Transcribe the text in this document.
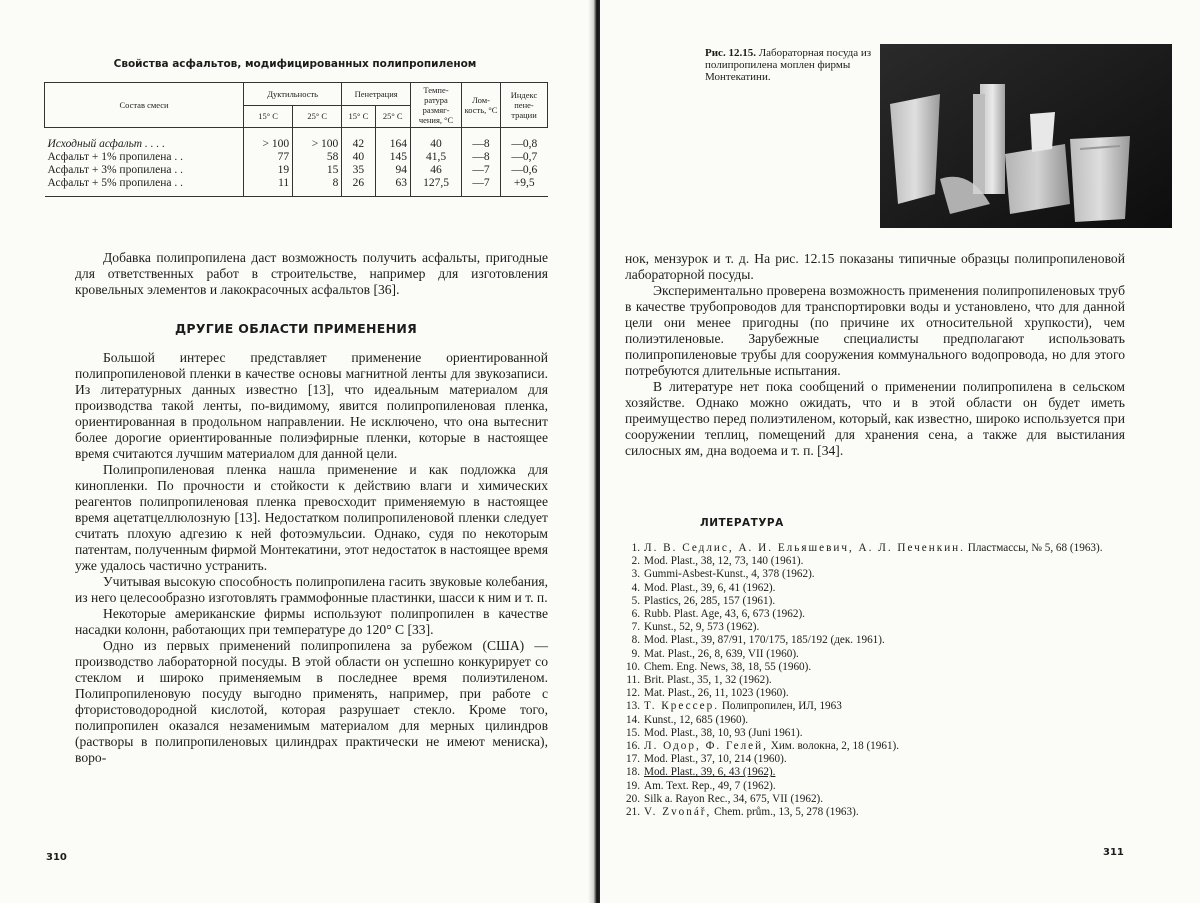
Свойства асфальтов, модифицированных полипропиленом
Состав смеси	Дуктильность		Пенетрация		Темпе-ратура размяг-чения, °C	Лом-кость, °C	Индекс пене-трации
	15° C	25° C	15° C	25° C			
Исходный асфальт . . . .	> 100	> 100	42	164	40	—8	—0,8
Асфальт + 1% пропилена . .	77	58	40	145	41,5	—8	—0,7
Асфальт + 3% пропилена . .	19	15	35	94	46	—7	—0,6
Асфальт + 5% пропилена . .	11	8	26	63	127,5	—7	+9,5

Добавка полипропилена даст возможность получить асфальты, пригодные для ответственных работ в строительстве, например для изготовления кровельных элементов и лакокрасочных асфальтов [36].

ДРУГИЕ ОБЛАСТИ ПРИМЕНЕНИЯ

Большой интерес представляет применение ориентированной полипропиленовой пленки в качестве основы магнитной ленты для звукозаписи. Из литературных данных известно [13], что идеальным материалом для производства такой ленты, по-видимому, явится полипропиленовая пленка, ориентированная в продольном направлении. Не исключено, что она вытеснит более дорогие ориентированные полиэфирные пленки, которые в настоящее время считаются лучшим материалом для данной цели.

Полипропиленовая пленка нашла применение и как подложка для кинопленки. По прочности и стойкости к действию влаги и химических реагентов полипропиленовая пленка превосходит применяемую в настоящее время ацетатцеллюлозную [13]. Недостатком полипропиленовой пленки следует считать плохую адгезию к ней фотоэмульсии. Однако, судя по некоторым патентам, полученным фирмой Монтекатини, этот недостаток в настоящее время уже удалось частично устранить.

Учитывая высокую способность полипропилена гасить звуковые колебания, из него целесообразно изготовлять граммофонные пластинки, шасси к ним и т. п.

Некоторые американские фирмы используют полипропилен в качестве насадки колонн, работающих при температуре до 120° C [33].

Одно из первых применений полипропилена за рубежом (США) — производство лабораторной посуды. В этой области он успешно конкурирует со стеклом и широко применяемым в последнее время полиэтиленом. Полипропиленовую посуду выгодно применять, например, при работе с фтористоводородной кислотой, которая разрушает стекло. Кроме того, полипропилен оказался незаменимым материалом для мерных цилиндров (растворы в полипропиленовых цилиндрах практически не имеют мениска), воро-

310
Рис. 12.15. Лабораторная посуда из полипропилена моплен фирмы Монтекатини.

нок, мензурок и т. д. На рис. 12.15 показаны типичные образцы полипропиленовой лабораторной посуды.

Экспериментально проверена возможность применения полипропиленовых труб в качестве трубопроводов для транспортировки воды и установлено, что для данной цели они менее пригодны (по причине их относительной хрупкости), чем полиэтиленовые. Зарубежные специалисты предполагают использовать полипропиленовые трубы для сооружения коммунального водопровода, но для этого потребуются длительные испытания.

В литературе нет пока сообщений о применении полипропилена в сельском хозяйстве. Однако можно ожидать, что и в этой области он будет иметь преимущество перед полиэтиленом, который, как известно, широко используется при сооружении теплиц, помещений для хранения сена, а также для выстилания силосных ям, дна водоема и т. п. [34].

ЛИТЕРАТУРА
1. Л. В. Седлис, А. И. Ельяшевич, А. Л. Печенкин. Пластмассы, № 5, 68 (1963).
2. Mod. Plast., 38, 12, 73, 140 (1961).
3. Gummi-Asbest-Kunst., 4, 378 (1962).
4. Mod. Plast., 39, 6, 41 (1962).
5. Plastics, 26, 285, 157 (1961).
6. Rubb. Plast. Age, 43, 6, 673 (1962).
7. Kunst., 52, 9, 573 (1962).
8. Mod. Plast., 39, 87/91, 170/175, 185/192 (дек. 1961).
9. Mat. Plast., 26, 8, 639, VII (1960).
10. Chem. Eng. News, 38, 18, 55 (1960).
11. Brit. Plast., 35, 1, 32 (1962).
12. Mat. Plast., 26, 11, 1023 (1960).
13. Т. Крессер. Полипропилен, ИЛ, 1963
14. Kunst., 12, 685 (1960).
15. Mod. Plast., 38, 10, 93 (Juni 1961).
16. Л. Одор, Ф. Гелей, Хим. волокна, 2, 18 (1961).
17. Mod. Plast., 37, 10, 214 (1960).
18. Mod. Plast., 39, 6, 43 (1962).
19. Am. Text. Rep., 49, 7 (1962).
20. Silk a. Rayon Rec., 34, 675, VII (1962).
21. V. Zvonář, Chem. prům., 13, 5, 278 (1963).
311
